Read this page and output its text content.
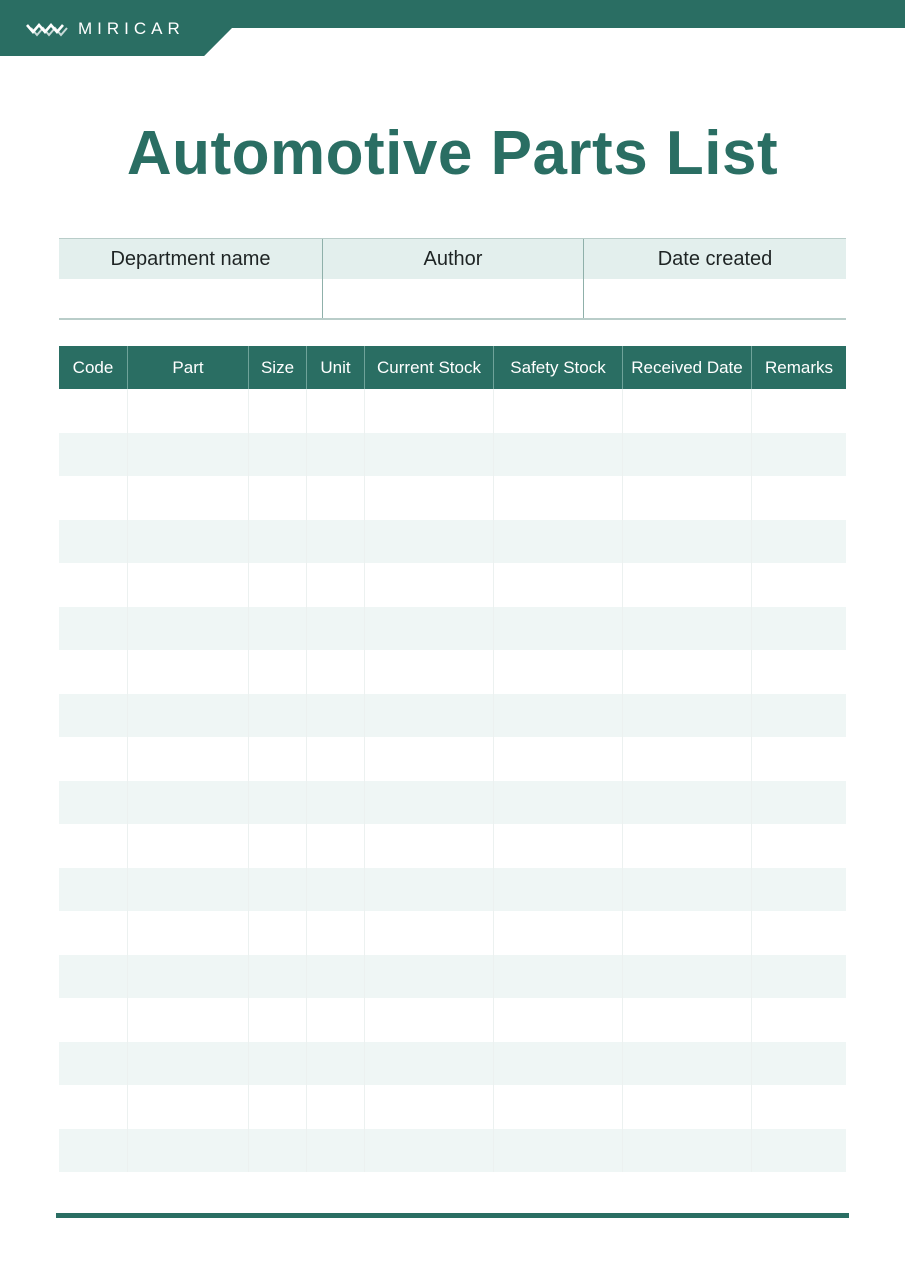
MIRICAR
Automotive Parts List
Department name	Author	Date created
Code	Part	Size	Unit	Current Stock	Safety Stock	Received Date	Remarks
